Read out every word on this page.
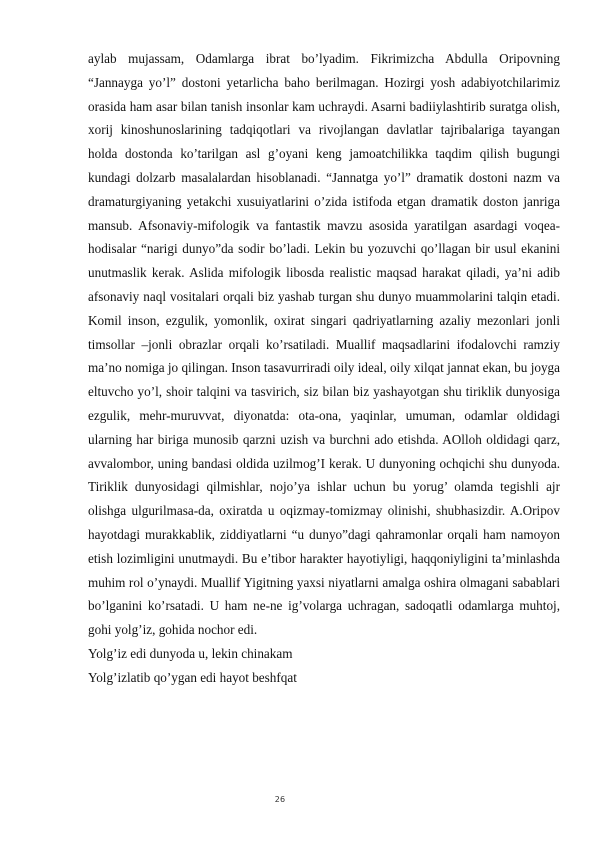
aylab mujassam, Odamlarga ibrat bo’lyadim. Fikrimizcha Abdulla Oripovning “Jannayga yo’l” dostoni yetarlicha baho berilmagan. Hozirgi yosh adabiyotchilarimiz orasida ham asar bilan tanish insonlar kam uchraydi. Asarni badiiylashtirib suratga olish, xorij kinoshunoslarining tadqiqotlari va rivojlangan davlatlar tajribalariga tayangan holda dostonda ko’tarilgan asl g’oyani keng jamoatchilikka taqdim qilish bugungi kundagi dolzarb masalalardan hisoblanadi. “Jannatga yo’l” dramatik dostoni nazm va dramaturgiyaning yetakchi xusuiyatlarini o’zida istifoda etgan dramatik doston janriga mansub. Afsonaviy-mifologik va fantastik mavzu asosida yaratilgan asardagi voqea-hodisalar “narigi dunyo”da sodir bo’ladi. Lekin bu yozuvchi qo’llagan bir usul ekanini unutmaslik kerak. Aslida mifologik libosda realistic maqsad harakat qiladi, ya’ni adib afsonaviy naql vositalari orqali biz yashab turgan shu dunyo muammolarini talqin etadi. Komil inson, ezgulik, yomonlik, oxirat singari qadriyatlarning azaliy mezonlari jonli timsollar –jonli obrazlar orqali ko’rsatiladi. Muallif maqsadlarini ifodalovchi ramziy ma’no nomiga jo qilingan. Inson tasavurriradi oily ideal, oily xilqat jannat ekan, bu joyga eltuvcho yo’l, shoir talqini va tasvirich, siz bilan biz yashayotgan shu tiriklik dunyosiga ezgulik, mehr-muruvvat, diyonatda: ota-ona, yaqinlar, umuman, odamlar oldidagi ularning har biriga munosib qarzni uzish va burchni ado etishda. AOlloh oldidagi qarz, avvalombor, uning bandasi oldida uzilmog’I kerak. U dunyoning ochqichi shu dunyoda. Tiriklik dunyosidagi qilmishlar, nojo’ya ishlar uchun bu yorug’ olamda tegishli ajr olishga ulgurilmasa-da, oxiratda u oqizmay-tomizmay olinishi, shubhasizdir. A.Oripov hayotdagi murakkablik, ziddiyatlarni “u dunyo”dagi qahramonlar orqali ham namoyon etish lozimligini unutmaydi. Bu e’tibor harakter hayotiyligi, haqqoniyligini ta’minlashda muhim rol o’ynaydi. Muallif Yigitning yaxsi niyatlarni amalga oshira olmagani sabablari bo’lganini ko’rsatadi. U ham ne-ne ig’volarga uchragan, sadoqatli odamlarga muhtoj, gohi yolg’iz, gohida nochor edi.

Yolg’iz edi dunyoda u, lekin chinakam

Yolg’izlatib qo’ygan edi hayot beshfqat

26
